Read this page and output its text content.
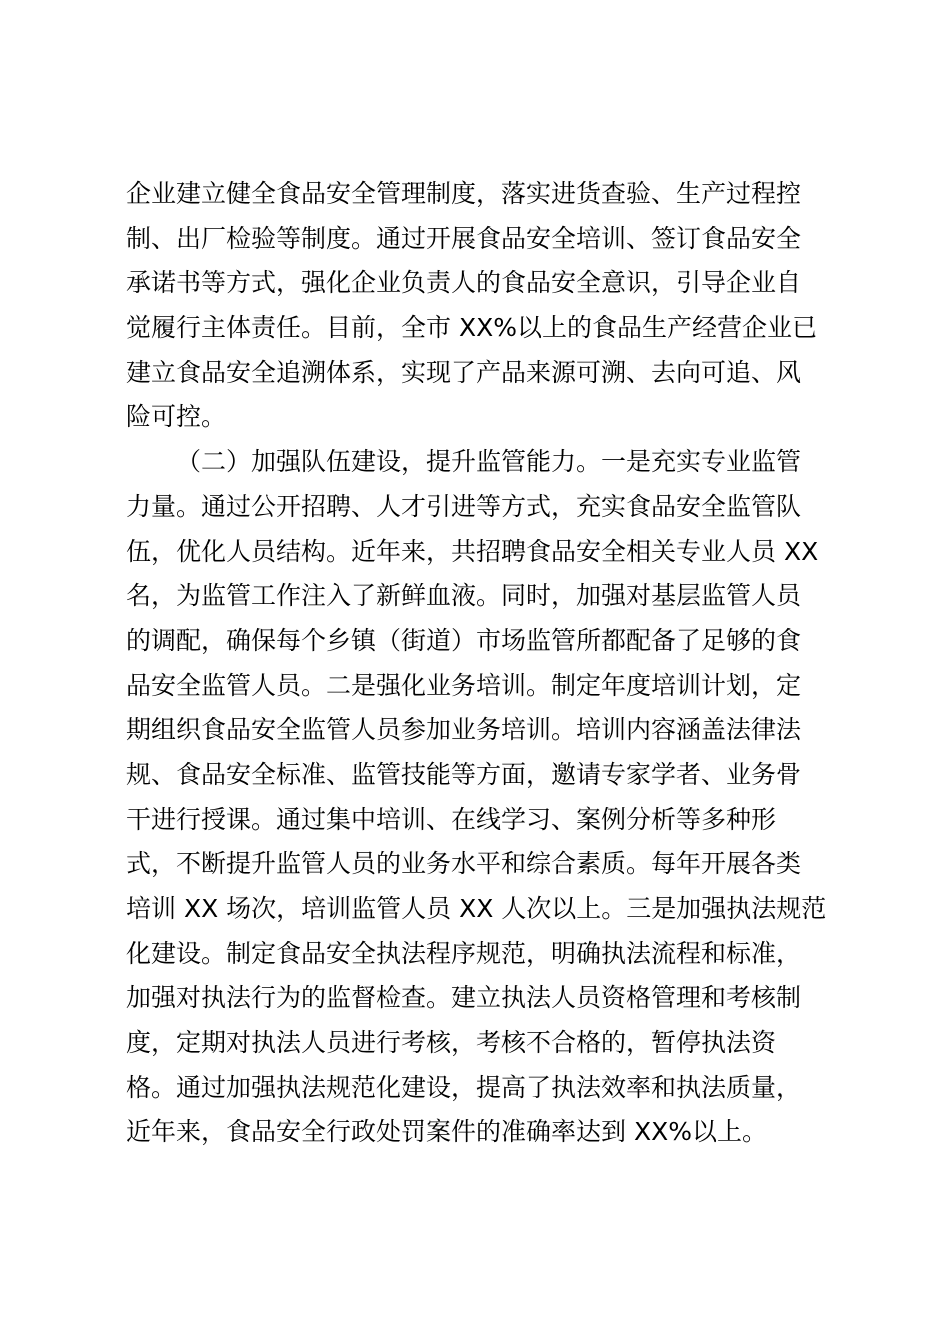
企业建立健全食品安全管理制度，落实进货查验、生产过程控
制、出厂检验等制度。通过开展食品安全培训、签订食品安全
承诺书等方式，强化企业负责人的食品安全意识，引导企业自
觉履行主体责任。目前，全市 XX%以上的食品生产经营企业已
建立食品安全追溯体系，实现了产品来源可溯、去向可追、风
险可控。
（二）加强队伍建设，提升监管能力。一是充实专业监管
力量。通过公开招聘、人才引进等方式，充实食品安全监管队
伍，优化人员结构。近年来，共招聘食品安全相关专业人员 XX
名，为监管工作注入了新鲜血液。同时，加强对基层监管人员
的调配，确保每个乡镇（街道）市场监管所都配备了足够的食
品安全监管人员。二是强化业务培训。制定年度培训计划，定
期组织食品安全监管人员参加业务培训。培训内容涵盖法律法
规、食品安全标准、监管技能等方面，邀请专家学者、业务骨
干进行授课。通过集中培训、在线学习、案例分析等多种形
式，不断提升监管人员的业务水平和综合素质。每年开展各类
培训 XX 场次，培训监管人员 XX 人次以上。三是加强执法规范
化建设。制定食品安全执法程序规范，明确执法流程和标准，
加强对执法行为的监督检查。建立执法人员资格管理和考核制
度，定期对执法人员进行考核，考核不合格的，暂停执法资
格。通过加强执法规范化建设，提高了执法效率和执法质量，
近年来，食品安全行政处罚案件的准确率达到 XX%以上。
